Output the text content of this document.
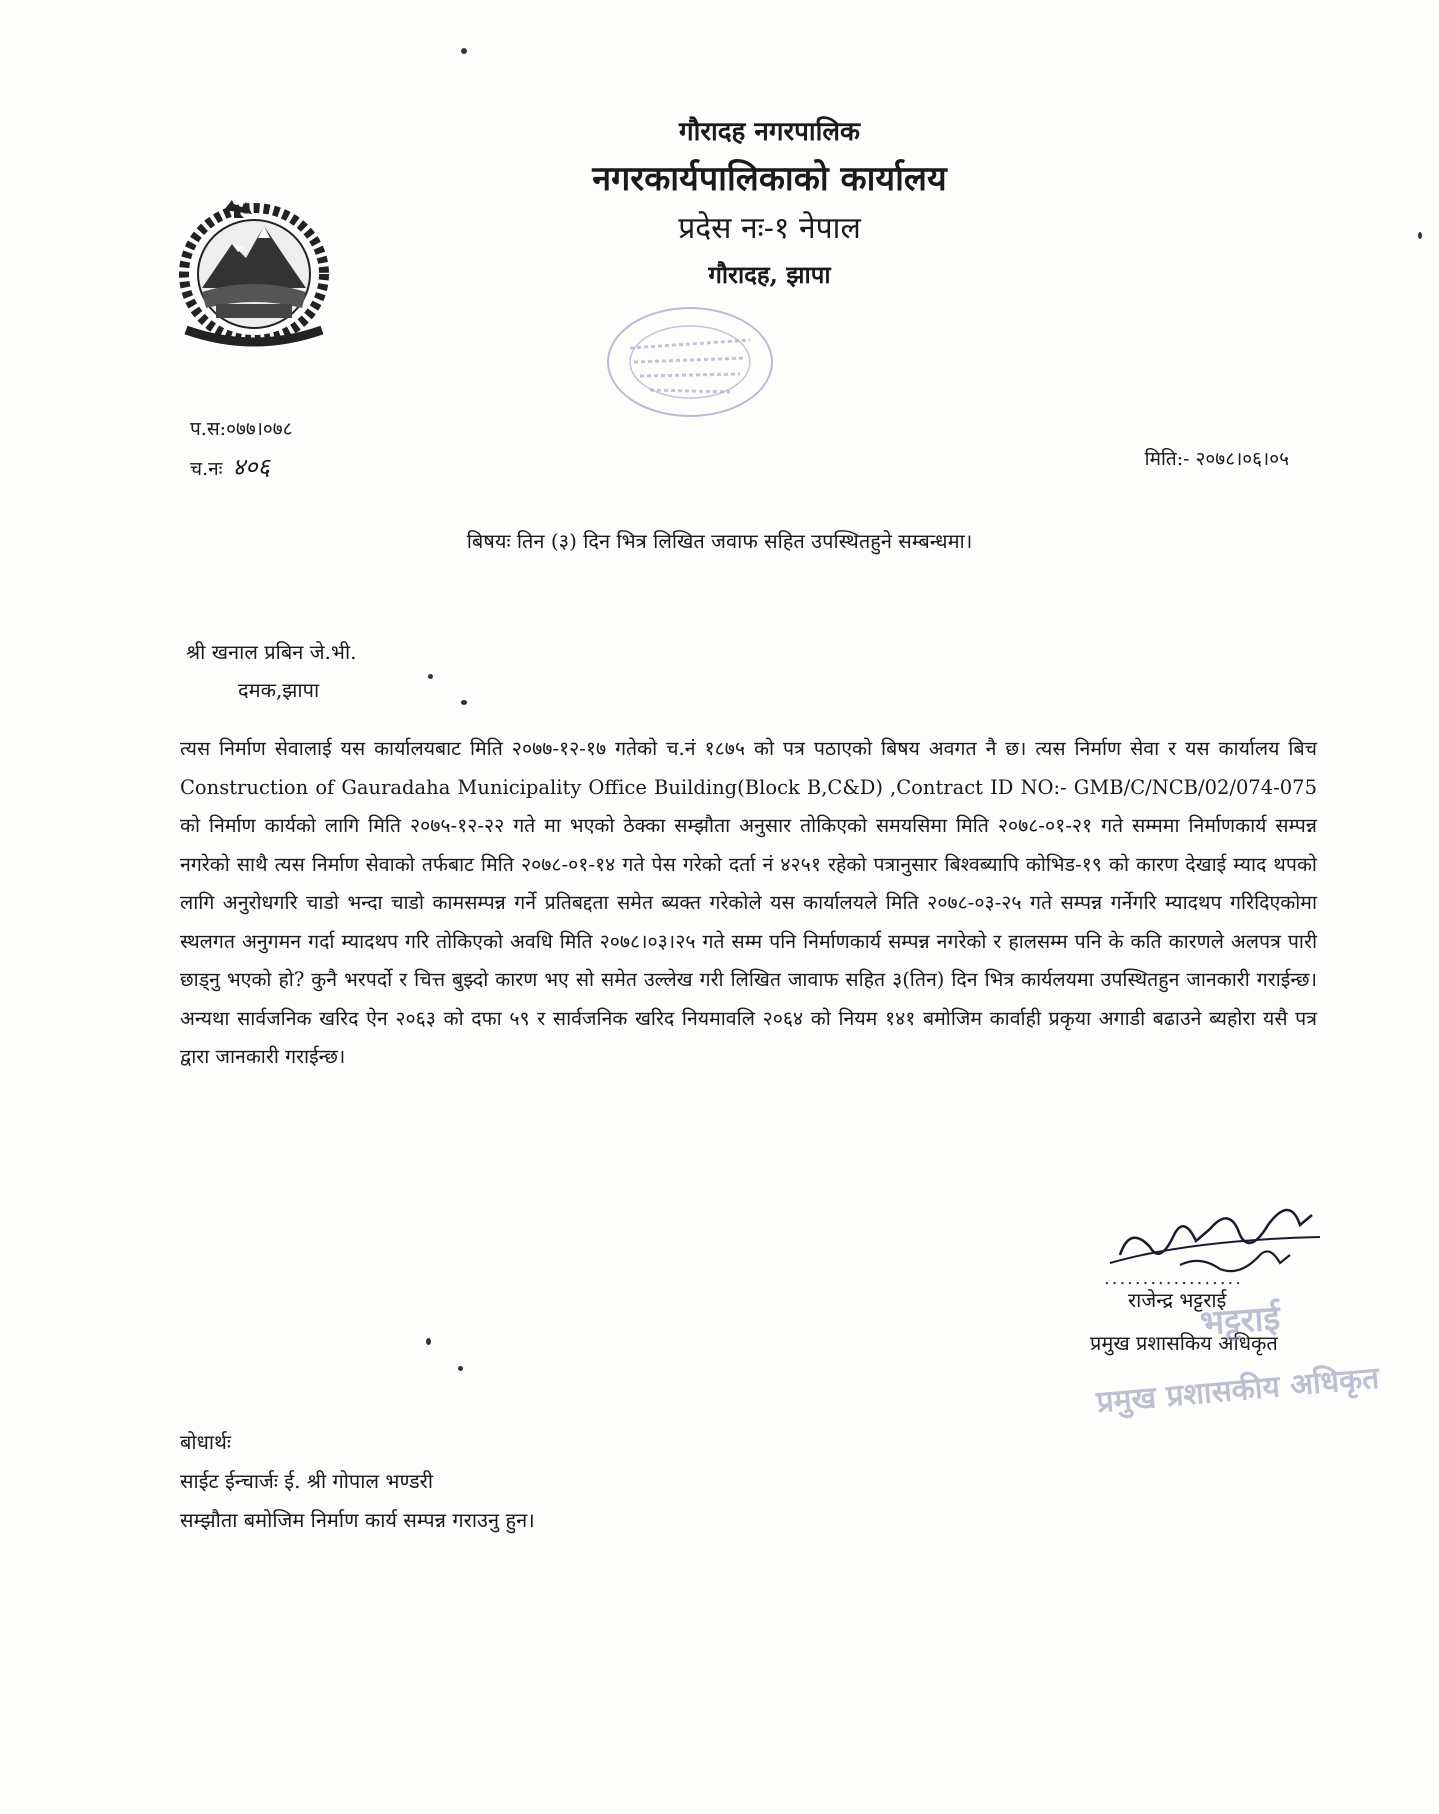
गौरादह नगरपालिक
नगरकार्यपालिकाको कार्यालय
प्रदेस नः-१ नेपाल
गौरादह, झापा
प.स:०७७।०७८
च.नः ४०६	मिति:- २०७८।०६।०५
बिषयः तिन (३) दिन भित्र लिखित जवाफ सहित उपस्थितहुने सम्बन्धमा।
श्री खनाल प्रबिन जे.भी.
दमक,झापा

त्यस निर्माण सेवालाई यस कार्यालयबाट मिति २०७७-१२-१७ गतेको च.नं १८७५ को पत्र पठाएको बिषय अवगत नै छ। त्यस निर्माण सेवा र यस कार्यालय बिच Construction of Gauradaha Municipality Office Building(Block B,C&D) ,Contract ID NO:- GMB/C/NCB/02/074-075 को निर्माण कार्यको लागि मिति २०७५-१२-२२ गते मा भएको ठेक्का सम्झौता अनुसार तोकिएको समयसिमा मिति २०७८-०१-२१ गते सम्ममा निर्माणकार्य सम्पन्न नगरेको साथै त्यस निर्माण सेवाको तर्फबाट मिति २०७८-०१-१४ गते पेस गरेको दर्ता नं ४२५१ रहेको पत्रानुसार बिश्वब्यापि कोभिड-१९ को कारण देखाई म्याद थपको लागि अनुरोधगरि चाडो भन्दा चाडो कामसम्पन्न गर्ने प्रतिबद्दता समेत ब्यक्त गरेकोले यस कार्यालयले मिति २०७८-०३-२५ गते सम्पन्न गर्नेगरि म्यादथप गरिदिएकोमा स्थलगत अनुगमन गर्दा म्यादथप गरि तोकिएको अवधि मिति २०७८।०३।२५ गते सम्म पनि निर्माणकार्य सम्पन्न नगरेको र हालसम्म पनि के कति कारणले अलपत्र पारी छाड्नु भएको हो? कुनै भरपर्दो र चित्त बुझ्दो कारण भए सो समेत उल्लेख गरी लिखित जावाफ सहित ३(तिन) दिन भित्र कार्यलयमा उपस्थितहुन जानकारी गराईन्छ।अन्यथा सार्वजनिक खरिद ऐन २०६३ को दफा ५९ र सार्वजनिक खरिद नियमावलि २०६४ को नियम १४१ बमोजिम कार्वाही प्रकृया अगाडी बढाउने ब्यहोरा यसै पत्र द्वारा जानकारी गराईन्छ।

..................
राजेन्द्र भट्टराई
प्रमुख प्रशासकिय अधिकृत
भट्टराई
प्रमुख प्रशासकीय अधिकृत
बोधार्थः
साईट ईन्चार्जः ई. श्री गोपाल भण्डरी
सम्झौता बमोजिम निर्माण कार्य सम्पन्न गराउनु हुन।
